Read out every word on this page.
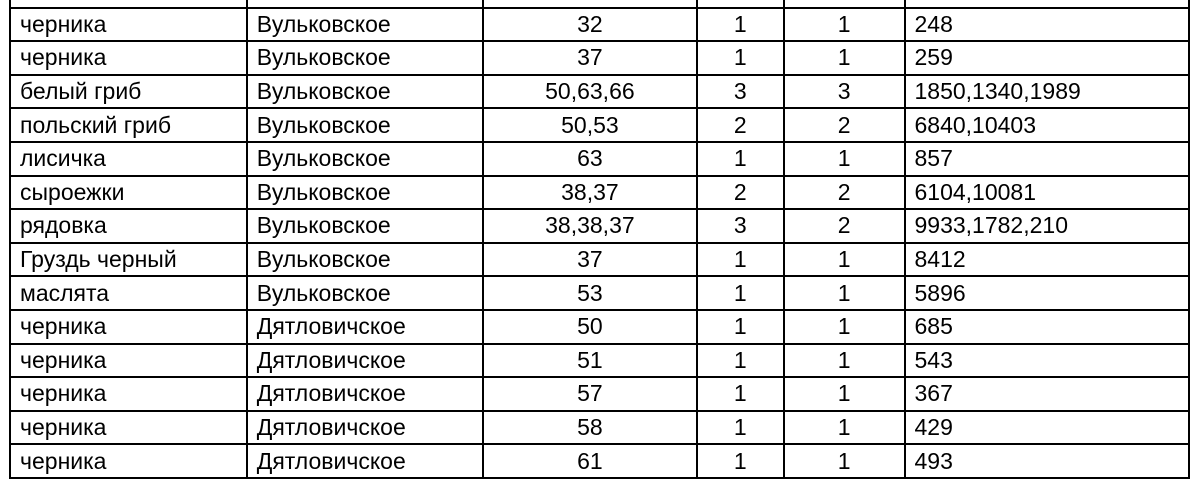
черника	Вульковское	32	1	1	248
черника	Вульковское	37	1	1	259
белый гриб	Вульковское	50,63,66	3	3	1850,1340,1989
польский гриб	Вульковское	50,53	2	2	6840,10403
лисичка	Вульковское	63	1	1	857
сыроежки	Вульковское	38,37	2	2	6104,10081
рядовка	Вульковское	38,38,37	3	2	9933,1782,210
Груздь черный	Вульковское	37	1	1	8412
маслята	Вульковское	53	1	1	5896
черника	Дятловичское	50	1	1	685
черника	Дятловичское	51	1	1	543
черника	Дятловичское	57	1	1	367
черника	Дятловичское	58	1	1	429
черника	Дятловичское	61	1	1	493
